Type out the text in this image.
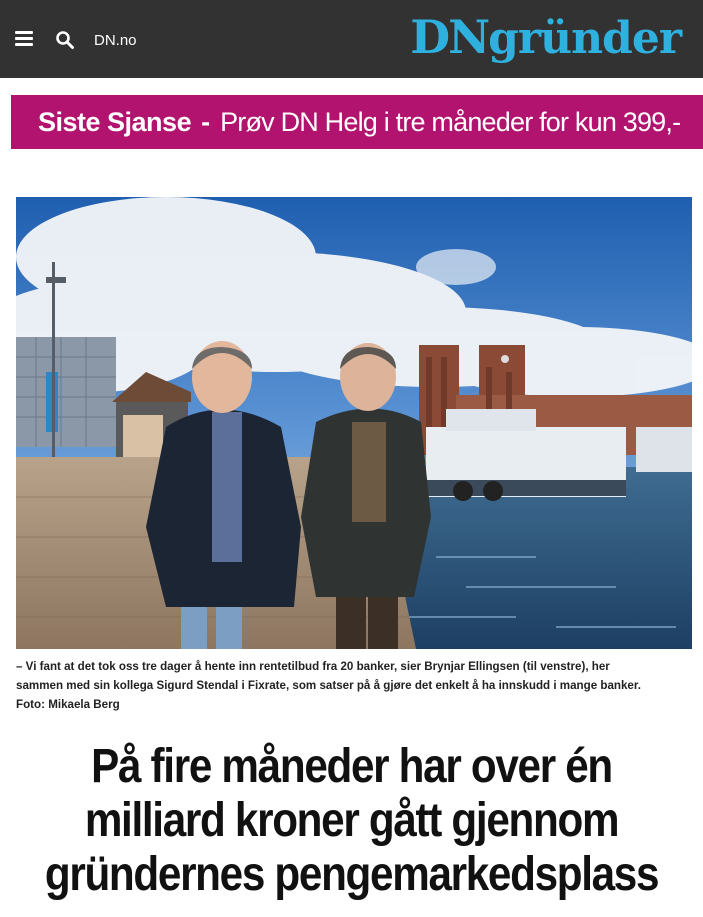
DN.no	DN gründer
Siste Sjanse - Prøv DN Helg i tre måneder for kun 399,-
– Vi fant at det tok oss tre dager å hente inn rentetilbud fra 20 banker, sier Brynjar Ellingsen (til venstre), her
sammen med sin kollega Sigurd Stendal i Fixrate, som satser på å gjøre det enkelt å ha innskudd i mange banker.
Foto: Mikaela Berg
På fire måneder har over én
milliard kroner gått gjennom
gründernes pengemarkedsplass
